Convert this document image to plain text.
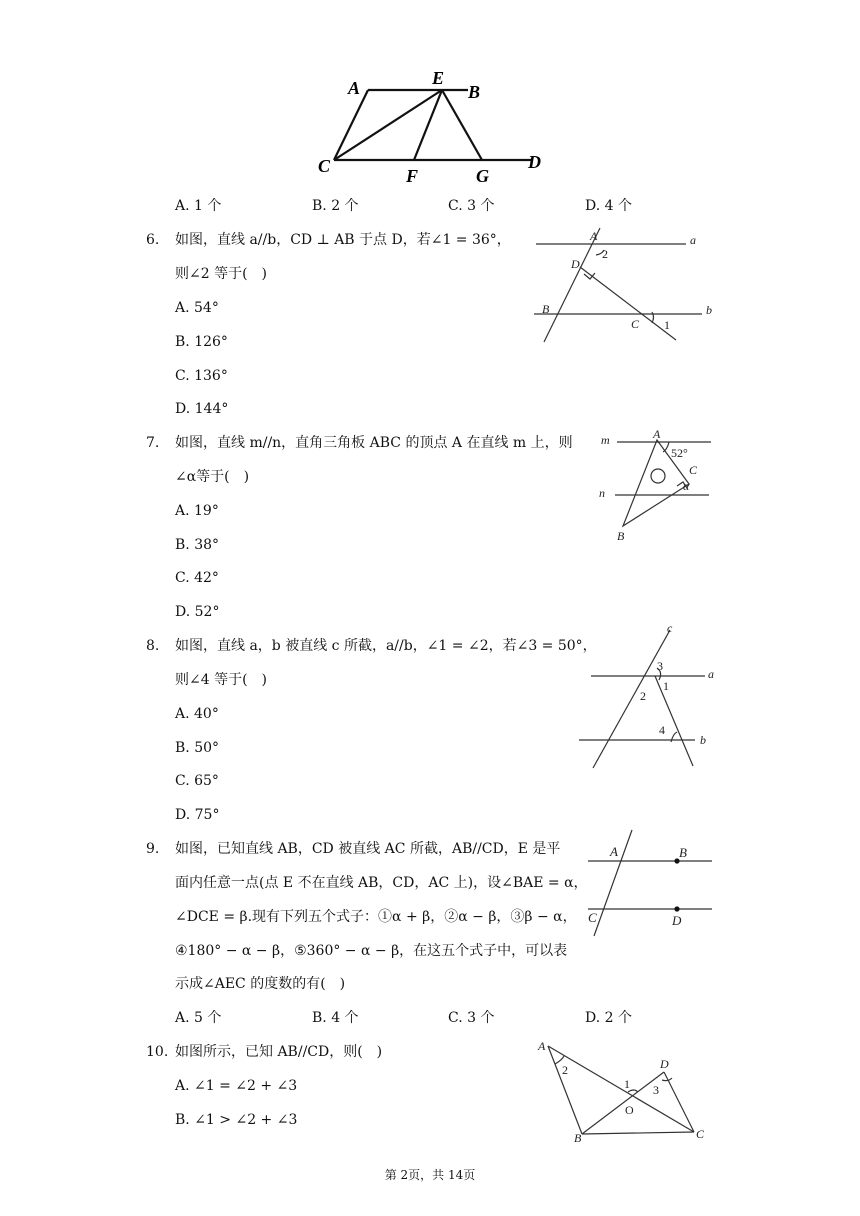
A	E
B
C	F	G
D
A. 1 个	B. 2 个	C. 3 个	D. 4 个
6. 如图，直线 a//b，CD ⊥ AB 于点 D，若∠1 = 36°，
则∠2 等于(　)
A. 54°
B. 126°
C. 136°
D. 144°
A	a
D
2
B
C 1
b
7. 如图，直线 m//n，直角三角板 ABC 的顶点 A 在直线 m 上，则
∠α等于(　)
A. 19°
B. 38°
C. 42°
D. 52°
m	A
52°
C
α
n
B
8. 如图，直线 a，b 被直线 c 所截，a//b，∠1 = ∠2，若∠3 = 50°，
则∠4 等于(　)
A. 40°
B. 50°
C. 65°
D. 75°
c
3
a
1
2
4
b
9. 如图，已知直线 AB，CD 被直线 AC 所截，AB//CD，E 是平
面内任意一点(点 E 不在直线 AB，CD，AC 上)，设∠BAE = α，
∠DCE = β.现有下列五个式子：①α + β，②α − β，③β − α，
④180° − α − β，⑤360° − α − β，在这五个式子中，可以表
示成∠AEC 的度数的有(　)
A. 5 个	B. 4 个	C. 3 个	D. 2 个
A	B
C	D
10. 如图所示，已知 AB//CD，则(　)
A. ∠1 = ∠2 + ∠3
B. ∠1 > ∠2 + ∠3
A
2
1
D
3
O
B	C
第 2页，共 14页
